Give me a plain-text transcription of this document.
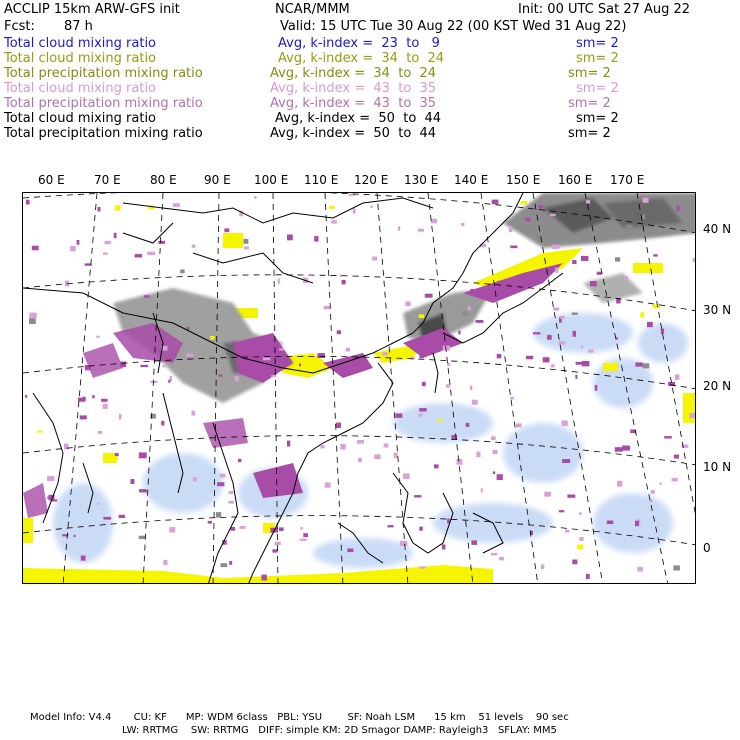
ACCLIP 15km ARW-GFS init	NCAR/MMM	Init: 00 UTC Sat 27 Aug 22
Fcst: 87 h	Valid: 15 UTC Tue 30 Aug 22 (00 KST Wed 31 Aug 22)
Total cloud mixing ratio	Avg, k-index =  23  to   9	sm= 2
Total cloud mixing ratio	Avg, k-index =  34  to  24	sm= 2
Total precipitation mixing ratio	Avg, k-index =  34  to  24	sm= 2
Total cloud mixing ratio	Avg, k-index =  43  to  35	sm= 2
Total precipitation mixing ratio	Avg, k-index =  43  to  35	sm= 2
Total cloud mixing ratio	Avg, k-index =  50  to  44	sm= 2
Total precipitation mixing ratio	Avg, k-index =  50  to  44	sm= 2
60 E 70 E 80 E 90 E 100 E 110 E 120 E 130 E 140 E 150 E 160 E 170 E
40 N
30 N
20 N
10 N
0
Model Info: V4.4       CU: KF      MP: WDM 6class   PBL: YSU        SF: Noah LSM      15 km    51 levels    90 sec
LW: RRTMG    SW: RRTMG   DIFF: simple KM: 2D Smagor DAMP: Rayleigh3   SFLAY: MM5
